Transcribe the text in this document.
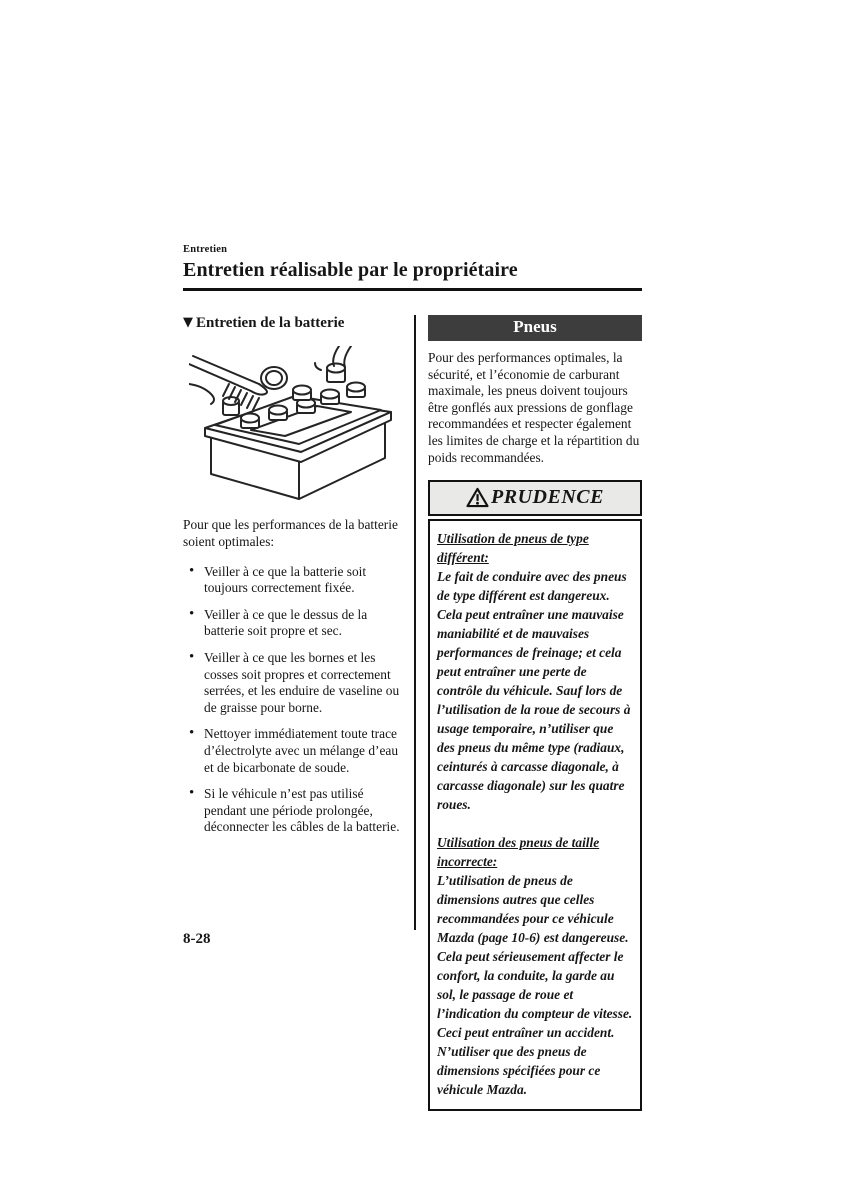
Entretien
Entretien réalisable par le propriétaire
▼ Entretien de la batterie

Pour que les performances de la batterie soient optimales:

• Veiller à ce que la batterie soit toujours correctement fixée.
• Veiller à ce que le dessus de la batterie soit propre et sec.
• Veiller à ce que les bornes et les cosses soit propres et correctement serrées, et les enduire de vaseline ou de graisse pour borne.
• Nettoyer immédiatement toute trace d’électrolyte avec un mélange d’eau et de bicarbonate de soude.
• Si le véhicule n’est pas utilisé pendant une période prolongée, déconnecter les câbles de la batterie.
Pneus

Pour des performances optimales, la sécurité, et l’économie de carburant maximale, les pneus doivent toujours être gonflés aux pressions de gonflage recommandées et respecter également les limites de charge et la répartition du poids recommandées.

PRUDENCE
Utilisation de pneus de type différent:
Le fait de conduire avec des pneus de type différent est dangereux. Cela peut entraîner une mauvaise maniabilité et de mauvaises performances de freinage; et cela peut entraîner une perte de contrôle du véhicule. Sauf lors de l’utilisation de la roue de secours à usage temporaire, n’utiliser que des pneus du même type (radiaux, ceinturés à carcasse diagonale, à carcasse diagonale) sur les quatre roues.
Utilisation des pneus de taille incorrecte:
L’utilisation de pneus de dimensions autres que celles recommandées pour ce véhicule Mazda (page 10-6) est dangereuse. Cela peut sérieusement affecter le confort, la conduite, la garde au sol, le passage de roue et l’indication du compteur de vitesse. Ceci peut entraîner un accident. N’utiliser que des pneus de dimensions spécifiées pour ce véhicule Mazda.
8-28
